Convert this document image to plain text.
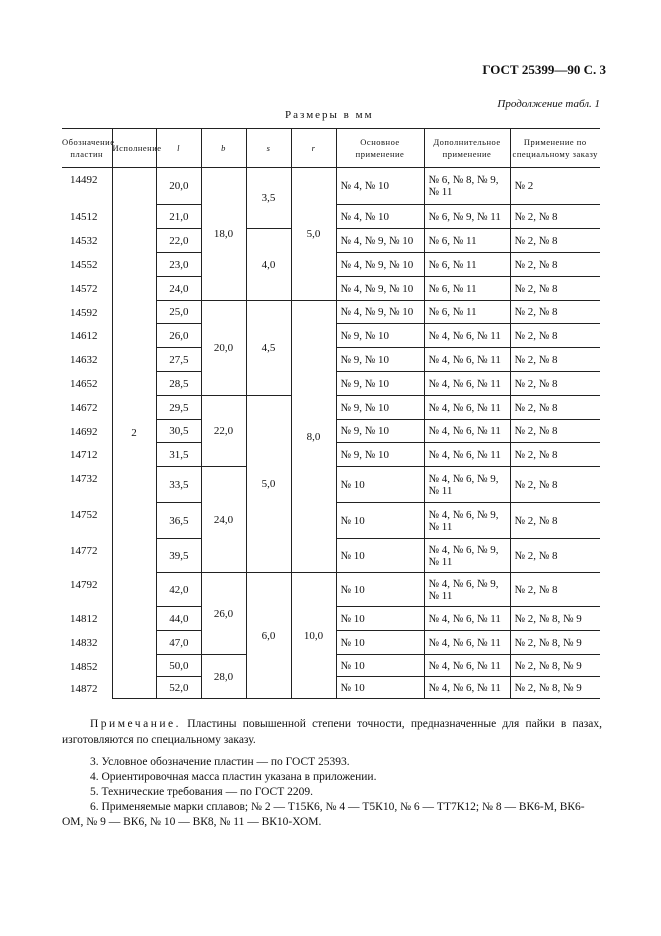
ГОСТ 25399—90 С. 3
Продолжение табл. 1
Размеры в мм
Обозначение пластин	Исполнение	l	b	s	r	Основное применение	Дополнительное применение	Применение по специальному заказу
14492	2	20,0	18,0	3,5	5,0	№ 4, № 10	№ 6, № 8, № 9, № 11	№ 2
14512		21,0				№ 4, № 10	№ 6, № 9, № 11	№ 2, № 8
14532		22,0		4,0		№ 4, № 9, № 10	№ 6, № 11	№ 2, № 8
14552		23,0				№ 4, № 9, № 10	№ 6, № 11	№ 2, № 8
14572		24,0				№ 4, № 9, № 10	№ 6, № 11	№ 2, № 8
14592		25,0	20,0	4,5	8,0	№ 4, № 9, № 10	№ 6, № 11	№ 2, № 8
14612		26,0				№ 9, № 10	№ 4, № 6, № 11	№ 2, № 8
14632		27,5				№ 9, № 10	№ 4, № 6, № 11	№ 2, № 8
14652		28,5				№ 9, № 10	№ 4, № 6, № 11	№ 2, № 8
14672		29,5	22,0	5,0		№ 9, № 10	№ 4, № 6, № 11	№ 2, № 8
14692		30,5				№ 9, № 10	№ 4, № 6, № 11	№ 2, № 8
14712		31,5				№ 9, № 10	№ 4, № 6, № 11	№ 2, № 8
14732		33,5	24,0			№ 10	№ 4, № 6, № 9, № 11	№ 2, № 8
14752		36,5				№ 10	№ 4, № 6, № 9, № 11	№ 2, № 8
14772		39,5				№ 10	№ 4, № 6, № 9, № 11	№ 2, № 8
14792		42,0	26,0	6,0	10,0	№ 10	№ 4, № 6, № 9, № 11	№ 2, № 8
14812		44,0				№ 10	№ 4, № 6, № 11	№ 2, № 8, № 9
14832		47,0				№ 10	№ 4, № 6, № 11	№ 2, № 8, № 9
14852		50,0	28,0			№ 10	№ 4, № 6, № 11	№ 2, № 8, № 9
14872		52,0				№ 10	№ 4, № 6, № 11	№ 2, № 8, № 9
Примечание. Пластины повышенной степени точности, предназначенные для пайки в пазах, изготовляются по специальному заказу.
3. Условное обозначение пластин — по ГОСТ 25393.
4. Ориентировочная масса пластин указана в приложении.
5. Технические требования — по ГОСТ 2209.
6. Применяемые марки сплавов; № 2 — Т15К6, № 4 — Т5К10, № 6 — ТТ7К12; № 8 — ВК6-М, ВК6-ОМ, № 9 — ВК6, № 10 — ВК8, № 11 — ВК10-ХОМ.
